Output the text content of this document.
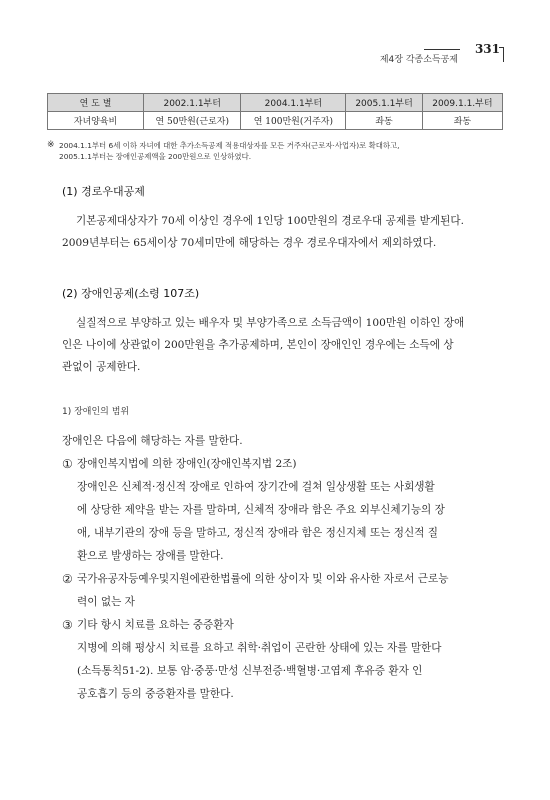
제4장 각종소득공제
331
연 도 별	2002.1.1부터	2004.1.1부터	2005.1.1부터	2009.1.1.부터
자녀양육비	연 50만원(근로자)	연 100만원(거주자)	좌동	좌동
※ 2004.1.1부터 6세 이하 자녀에 대한 추가소득공제 적용대상자를 모든 거주자(근로자·사업자)로 확대하고,
2005.1.1부터는 장애인공제액을 200만원으로 인상하였다.
(1) 경로우대공제
기본공제대상자가 70세 이상인 경우에 1인당 100만원의 경로우대 공제를 받게된다.
2009년부터는 65세이상 70세미만에 해당하는 경우 경로우대자에서 제외하였다.
(2) 장애인공제(소령 107조)
실질적으로 부양하고 있는 배우자 및 부양가족으로 소득금액이 100만원 이하인 장애
인은 나이에 상관없이 200만원을 추가공제하며, 본인이 장애인인 경우에는 소득에 상
관없이 공제한다.
1) 장애인의 범위
장애인은 다음에 해당하는 자를 말한다.
① 장애인복지법에 의한 장애인(장애인복지법 2조)
장애인은 신체적·정신적 장애로 인하여 장기간에 걸쳐 일상생활 또는 사회생활
에 상당한 제약을 받는 자를 말하며, 신체적 장애라 함은 주요 외부신체기능의 장
애, 내부기관의 장애 등을 말하고, 정신적 장애라 함은 정신지체 또는 정신적 질
환으로 발생하는 장애를 말한다.
② 국가유공자등예우및지원에관한법률에 의한 상이자 및 이와 유사한 자로서 근로능
력이 없는 자
③ 기타 항시 치료를 요하는 중증환자
지병에 의해 평상시 치료를 요하고 취학·취업이 곤란한 상태에 있는 자를 말한다
(소득통칙51-2). 보통 암·중풍·만성 신부전증·백혈병·고엽제 후유증 환자 인
공호흡기 등의 중증환자를 말한다.
